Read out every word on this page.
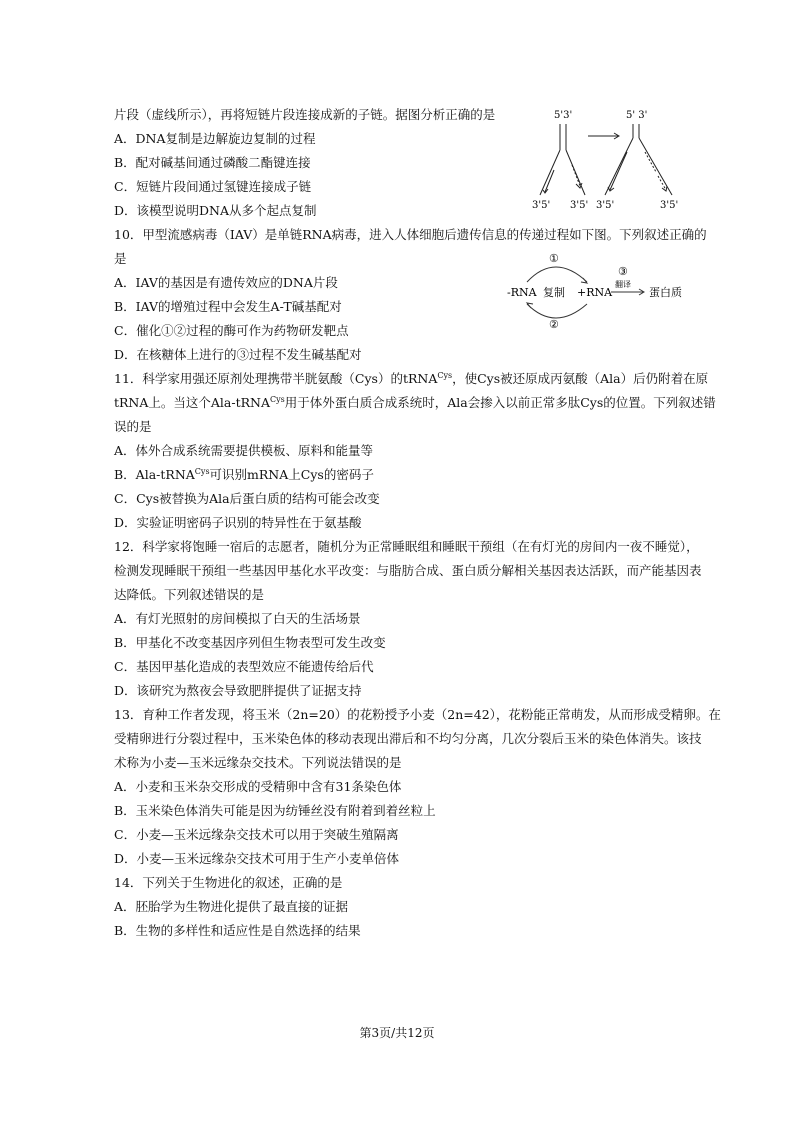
片段（虚线所示），再将短链片段连接成新的子链。据图分析正确的是
A．DNA复制是边解旋边复制的过程
B．配对碱基间通过磷酸二酯键连接
C．短链片段间通过氢键连接成子链
D．该模型说明DNA从多个起点复制
5'3'	5' 3'
3'5' 3'5' 3'5'	3'5'
10．甲型流感病毒（IAV）是单链RNA病毒，进入人体细胞后遗传信息的传递过程如下图。下列叙述正确的
是
A．IAV的基因是有遗传效应的DNA片段
B．IAV的增殖过程中会发生A-T碱基配对
C．催化①②过程的酶可作为药物研发靶点
D．在核糖体上进行的③过程不发生碱基配对
①
-RNA 复制 +RNA
②
③
翻译
蛋白质
11．科学家用强还原剂处理携带半胱氨酸（Cys）的tRNA$^{Cys}$，使Cys被还原成丙氨酸（Ala）后仍附着在原
tRNA上。当这个Ala-tRNA$^{Cys}$用于体外蛋白质合成系统时，Ala会掺入以前正常多肽Cys的位置。下列叙述错
误的是
A．体外合成系统需要提供模板、原料和能量等
B．Ala-tRNA$^{Cys}$可识别mRNA上Cys的密码子
C．Cys被替换为Ala后蛋白质的结构可能会改变
D．实验证明密码子识别的特异性在于氨基酸
12．科学家将饱睡一宿后的志愿者，随机分为正常睡眠组和睡眠干预组（在有灯光的房间内一夜不睡觉），
检测发现睡眠干预组一些基因甲基化水平改变：与脂肪合成、蛋白质分解相关基因表达活跃，而产能基因表
达降低。下列叙述错误的是
A．有灯光照射的房间模拟了白天的生活场景
B．甲基化不改变基因序列但生物表型可发生改变
C．基因甲基化造成的表型效应不能遗传给后代
D．该研究为熬夜会导致肥胖提供了证据支持
13．育种工作者发现，将玉米（2n=20）的花粉授予小麦（2n=42），花粉能正常萌发，从而形成受精卵。在
受精卵进行分裂过程中，玉米染色体的移动表现出滞后和不均匀分离，几次分裂后玉米的染色体消失。该技
术称为小麦—玉米远缘杂交技术。下列说法错误的是
A．小麦和玉米杂交形成的受精卵中含有31条染色体
B．玉米染色体消失可能是因为纺锤丝没有附着到着丝粒上
C．小麦—玉米远缘杂交技术可以用于突破生殖隔离
D．小麦—玉米远缘杂交技术可用于生产小麦单倍体
14．下列关于生物进化的叙述，正确的是
A．胚胎学为生物进化提供了最直接的证据
B．生物的多样性和适应性是自然选择的结果
第3页/共12页
